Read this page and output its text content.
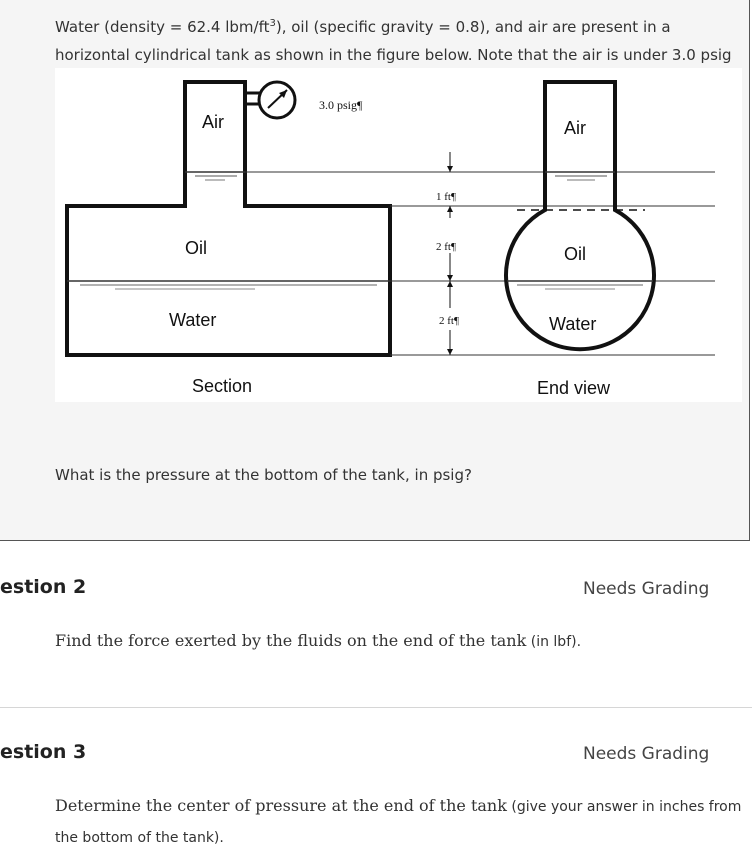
Water (density = 62.4 lbm/$ft^3$), oil (specific gravity = 0.8), and air are present in a horizontal cylindrical tank as shown in the figure below. Note that the air is under 3.0 psig
3.0 psig¶
Air
Oil
Water
Section
1 ft¶
2 ft¶
2 ft¶
Air
Oil
Water
End view
What is the pressure at the bottom of the tank, in psig?
estion 2	Needs Grading
Find the force exerted by the fluids on the end of the tank (in lbf).
estion 3	Needs Grading
Determine the center of pressure at the end of the tank (give your answer in inches from the bottom of the tank).
